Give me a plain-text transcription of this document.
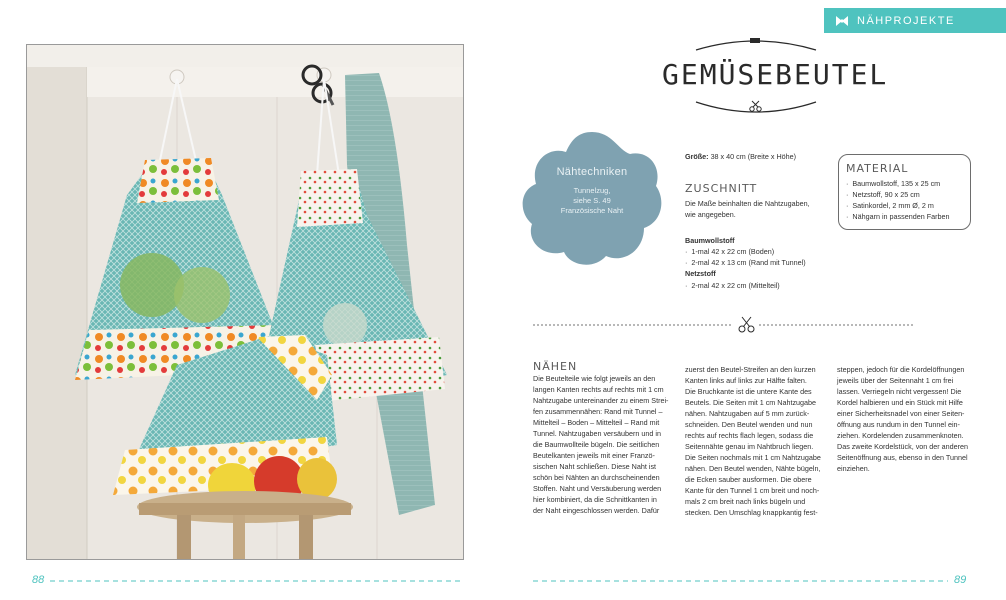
NÄHPROJEKTE
GEMÜSEBEUTEL
Nähtechniken
Tunnelzug,
siehe S. 49
Französische Naht
Größe: 38 x 40 cm (Breite x Höhe)
ZUSCHNITT
Die Maße beinhalten die Nahtzugaben,
wie angegeben.
Baumwollstoff
·  1-mal 42 x 22 cm (Boden)
·  2-mal 42 x 13 cm (Rand mit Tunnel)
Netzstoff
·  2-mal 42 x 22 cm (Mittelteil)
MATERIAL
·  Baumwollstoff, 135 x 25 cm
·  Netzstoff, 90 x 25 cm
·  Satinkordel, 2 mm Ø, 2 m
·  Nähgarn in passenden Farben
NÄHEN
Die Beutelteile wie folgt jeweils an den
langen Kanten rechts auf rechts mit 1 cm
Nahtzugabe untereinander zu einem Strei-
fen zusammennähen: Rand mit Tunnel –
Mittelteil – Boden – Mittelteil – Rand mit
Tunnel. Nahtzugaben versäubern und in
die Baumwollteile bügeln. Die seitlichen
Beutelkanten jeweils mit einer Franzö-
sischen Naht schließen. Diese Naht ist
schön bei Nähten an durchscheinenden
Stoffen. Naht und Versäuberung werden
hier kombiniert, da die Schnittkanten in
der Naht eingeschlossen werden. Dafür
zuerst den Beutel-Streifen an den kurzen
Kanten links auf links zur Hälfte falten.
Die Bruchkante ist die untere Kante des
Beutels. Die Seiten mit 1 cm Nahtzugabe
nähen. Nahtzugaben auf 5 mm zurück-
schneiden. Den Beutel wenden und nun
rechts auf rechts flach legen, sodass die
Seitennähte genau im Nahtbruch liegen.
Die Seiten nochmals mit 1 cm Nahtzugabe
nähen. Den Beutel wenden, Nähte bügeln,
die Ecken sauber ausformen. Die obere
Kante für den Tunnel 1 cm breit und noch-
mals 2 cm breit nach links bügeln und
stecken. Den Umschlag knappkantig fest-
steppen, jedoch für die Kordelöffnungen
jeweils über der Seitennaht 1 cm frei
lassen. Verriegeln nicht vergessen! Die
Kordel halbieren und ein Stück mit Hilfe
einer Sicherheitsnadel von einer Seiten-
öffnung aus rundum in den Tunnel ein-
ziehen. Kordelenden zusammenknoten.
Das zweite Kordelstück, von der anderen
Seitenöffnung aus, ebenso in den Tunnel
einziehen.
88	89
